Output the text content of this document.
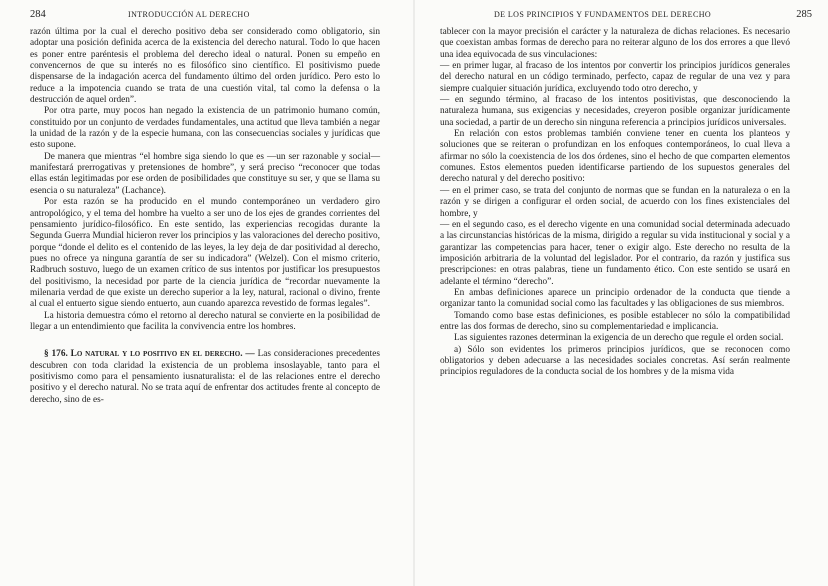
284	INTRODUCCIÓN AL DERECHO

razón última por la cual el derecho positivo deba ser considerado como obligatorio, sin adoptar una posición definida acerca de la existencia del derecho natural. Todo lo que hacen es poner entre paréntesis el problema del derecho ideal o natural. Ponen su empeño en convencernos de que su interés no es filosófico sino científico. El positivismo puede dispensarse de la indagación acerca del fundamento último del orden jurídico. Pero esto lo reduce a la impotencia cuando se trata de una cuestión vital, tal como la defensa o la destrucción de aquel orden”.

Por otra parte, muy pocos han negado la existencia de un patrimonio humano común, constituido por un conjunto de verdades fundamentales, una actitud que lleva también a negar la unidad de la razón y de la especie humana, con las consecuencias sociales y jurídicas que esto supone.

De manera que mientras “el hombre siga siendo lo que es —un ser razonable y social— manifestará prerrogativas y pretensiones de hombre”, y será preciso “reconocer que todas ellas están legitimadas por ese orden de posibilidades que constituye su ser, y que se llama su esencia o su naturaleza” (Lachance).

Por esta razón se ha producido en el mundo contemporáneo un verdadero giro antropológico, y el tema del hombre ha vuelto a ser uno de los ejes de grandes corrientes del pensamiento jurídico-filosófico. En este sentido, las experiencias recogidas durante la Segunda Guerra Mundial hicieron rever los principios y las valoraciones del derecho positivo, porque “donde el delito es el contenido de las leyes, la ley deja de dar positividad al derecho, pues no ofrece ya ninguna garantía de ser su indicadora” (Welzel). Con el mismo criterio, Radbruch sostuvo, luego de un examen crítico de sus intentos por justificar los presupuestos del positivismo, la necesidad por parte de la ciencia jurídica de “recordar nuevamente la milenaria verdad de que existe un derecho superior a la ley, natural, racional o divino, frente al cual el entuerto sigue siendo entuerto, aun cuando aparezca revestido de formas legales”.

La historia demuestra cómo el retorno al derecho natural se convierte en la posibilidad de llegar a un entendimiento que facilita la convivencia entre los hombres.

§ 176. Lo natural y lo positivo en el derecho. — Las consideraciones precedentes descubren con toda claridad la existencia de un problema insoslayable, tanto para el positivismo como para el pensamiento iusnaturalista: el de las relaciones entre el derecho positivo y el derecho natural. No se trata aquí de enfrentar dos actitudes frente al concepto de derecho, sino de es-

DE LOS PRINCIPIOS Y FUNDAMENTOS DEL DERECHO	285

tablecer con la mayor precisión el carácter y la naturaleza de dichas relaciones. Es necesario que coexistan ambas formas de derecho para no reiterar alguno de los dos errores a que llevó una idea equivocada de sus vinculaciones:

— en primer lugar, al fracaso de los intentos por convertir los principios jurídicos generales del derecho natural en un código terminado, perfecto, capaz de regular de una vez y para siempre cualquier situación jurídica, excluyendo todo otro derecho, y

— en segundo término, al fracaso de los intentos positivistas, que desconociendo la naturaleza humana, sus exigencias y necesidades, creyeron posible organizar jurídicamente una sociedad, a partir de un derecho sin ninguna referencia a principios jurídicos universales.

En relación con estos problemas también conviene tener en cuenta los planteos y soluciones que se reiteran o profundizan en los enfoques contemporáneos, lo cual lleva a afirmar no sólo la coexistencia de los dos órdenes, sino el hecho de que comparten elementos comunes. Estos elementos pueden identificarse partiendo de los supuestos generales del derecho natural y del derecho positivo:

— en el primer caso, se trata del conjunto de normas que se fundan en la naturaleza o en la razón y se dirigen a configurar el orden social, de acuerdo con los fines existenciales del hombre, y

— en el segundo caso, es el derecho vigente en una comunidad social determinada adecuado a las circunstancias históricas de la misma, dirigido a regular su vida institucional y social y a garantizar las competencias para hacer, tener o exigir algo. Este derecho no resulta de la imposición arbitraria de la voluntad del legislador. Por el contrario, da razón y justifica sus prescripciones: en otras palabras, tiene un fundamento ético. Con este sentido se usará en adelante el término “derecho”.

En ambas definiciones aparece un principio ordenador de la conducta que tiende a organizar tanto la comunidad social como las facultades y las obligaciones de sus miembros.

Tomando como base estas definiciones, es posible establecer no sólo la compatibilidad entre las dos formas de derecho, sino su complementariedad e implicancia.

Las siguientes razones determinan la exigencia de un derecho que regule el orden social.

a) Sólo son evidentes los primeros principios jurídicos, que se reconocen como obligatorios y deben adecuarse a las necesidades sociales concretas. Así serán realmente principios reguladores de la conducta social de los hombres y de la misma vida
